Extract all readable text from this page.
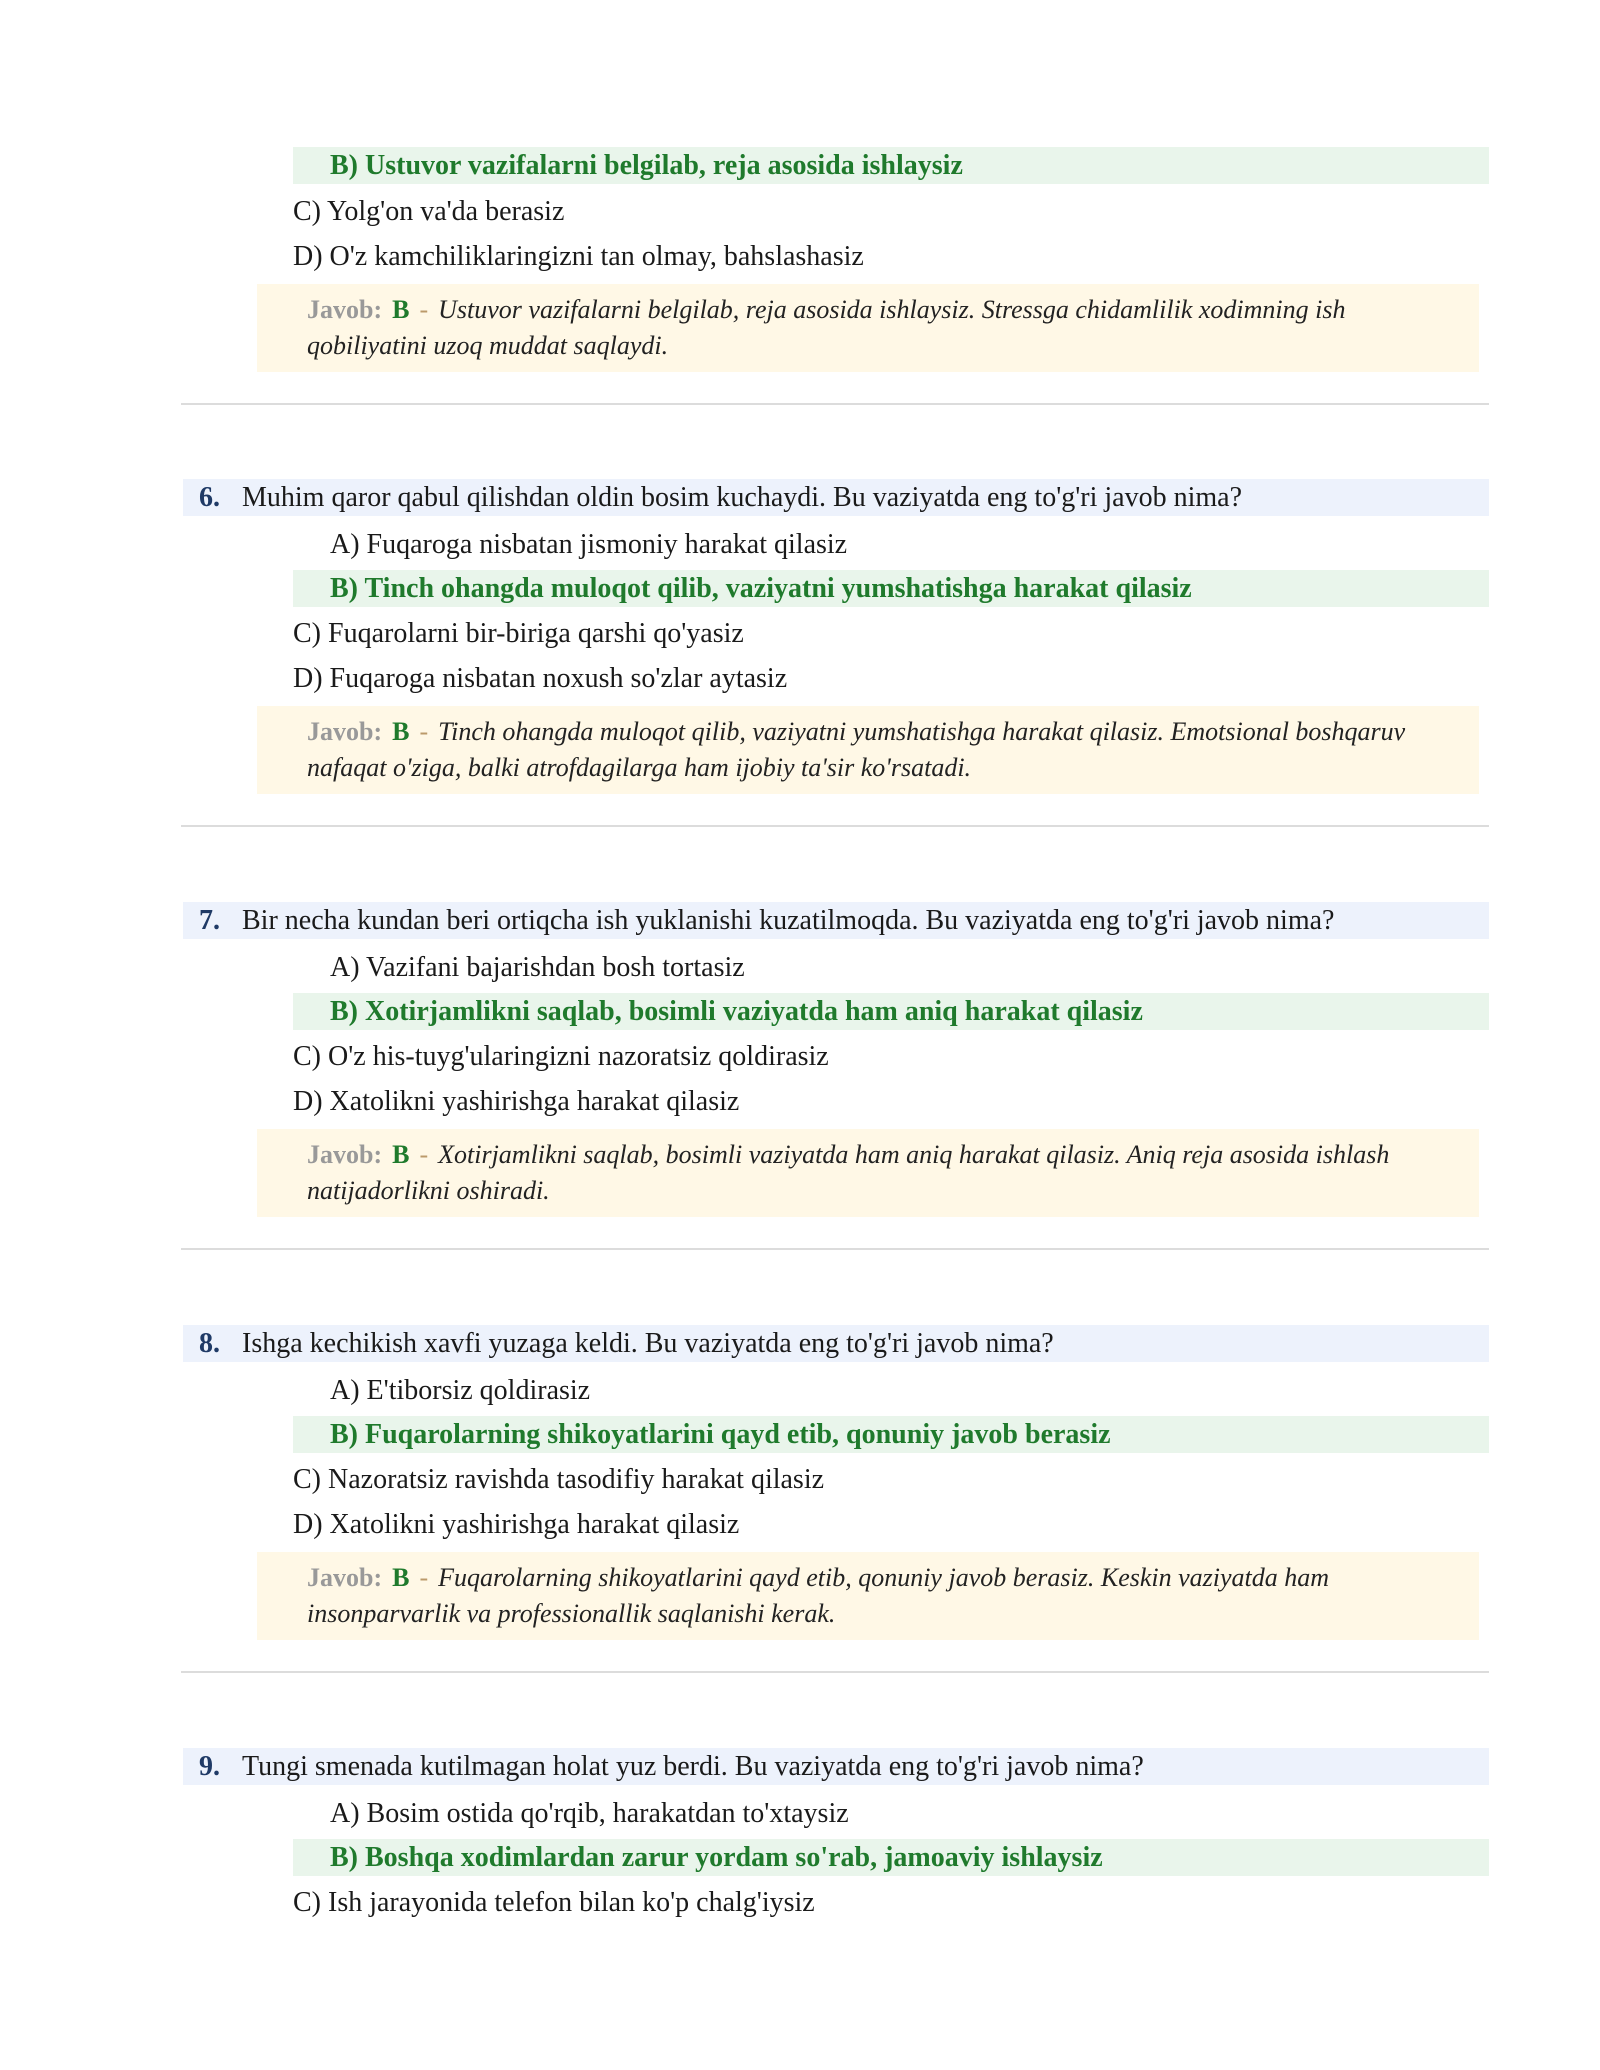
B) Ustuvor vazifalarni belgilab, reja asosida ishlaysiz
C) Yolg'on va'da berasiz
D) O'z kamchiliklaringizni tan olmay, bahslashasiz
Javob: B - Ustuvor vazifalarni belgilab, reja asosida ishlaysiz. Stressga chidamlilik xodimning ish qobiliyatini uzoq muddat saqlaydi.
6. Muhim qaror qabul qilishdan oldin bosim kuchaydi. Bu vaziyatda eng to'g'ri javob nima?
A) Fuqaroga nisbatan jismoniy harakat qilasiz
B) Tinch ohangda muloqot qilib, vaziyatni yumshatishga harakat qilasiz
C) Fuqarolarni bir-biriga qarshi qo'yasiz
D) Fuqaroga nisbatan noxush so'zlar aytasiz
Javob: B - Tinch ohangda muloqot qilib, vaziyatni yumshatishga harakat qilasiz. Emotsional boshqaruv nafaqat o'ziga, balki atrofdagilarga ham ijobiy ta'sir ko'rsatadi.
7. Bir necha kundan beri ortiqcha ish yuklanishi kuzatilmoqda. Bu vaziyatda eng to'g'ri javob nima?
A) Vazifani bajarishdan bosh tortasiz
B) Xotirjamlikni saqlab, bosimli vaziyatda ham aniq harakat qilasiz
C) O'z his-tuyg'ularingizni nazoratsiz qoldirasiz
D) Xatolikni yashirishga harakat qilasiz
Javob: B - Xotirjamlikni saqlab, bosimli vaziyatda ham aniq harakat qilasiz. Aniq reja asosida ishlash natijadorlikni oshiradi.
8. Ishga kechikish xavfi yuzaga keldi. Bu vaziyatda eng to'g'ri javob nima?
A) E'tiborsiz qoldirasiz
B) Fuqarolarning shikoyatlarini qayd etib, qonuniy javob berasiz
C) Nazoratsiz ravishda tasodifiy harakat qilasiz
D) Xatolikni yashirishga harakat qilasiz
Javob: B - Fuqarolarning shikoyatlarini qayd etib, qonuniy javob berasiz. Keskin vaziyatda ham insonparvarlik va professionallik saqlanishi kerak.
9. Tungi smenada kutilmagan holat yuz berdi. Bu vaziyatda eng to'g'ri javob nima?
A) Bosim ostida qo'rqib, harakatdan to'xtaysiz
B) Boshqa xodimlardan zarur yordam so'rab, jamoaviy ishlaysiz
C) Ish jarayonida telefon bilan ko'p chalg'iysiz
